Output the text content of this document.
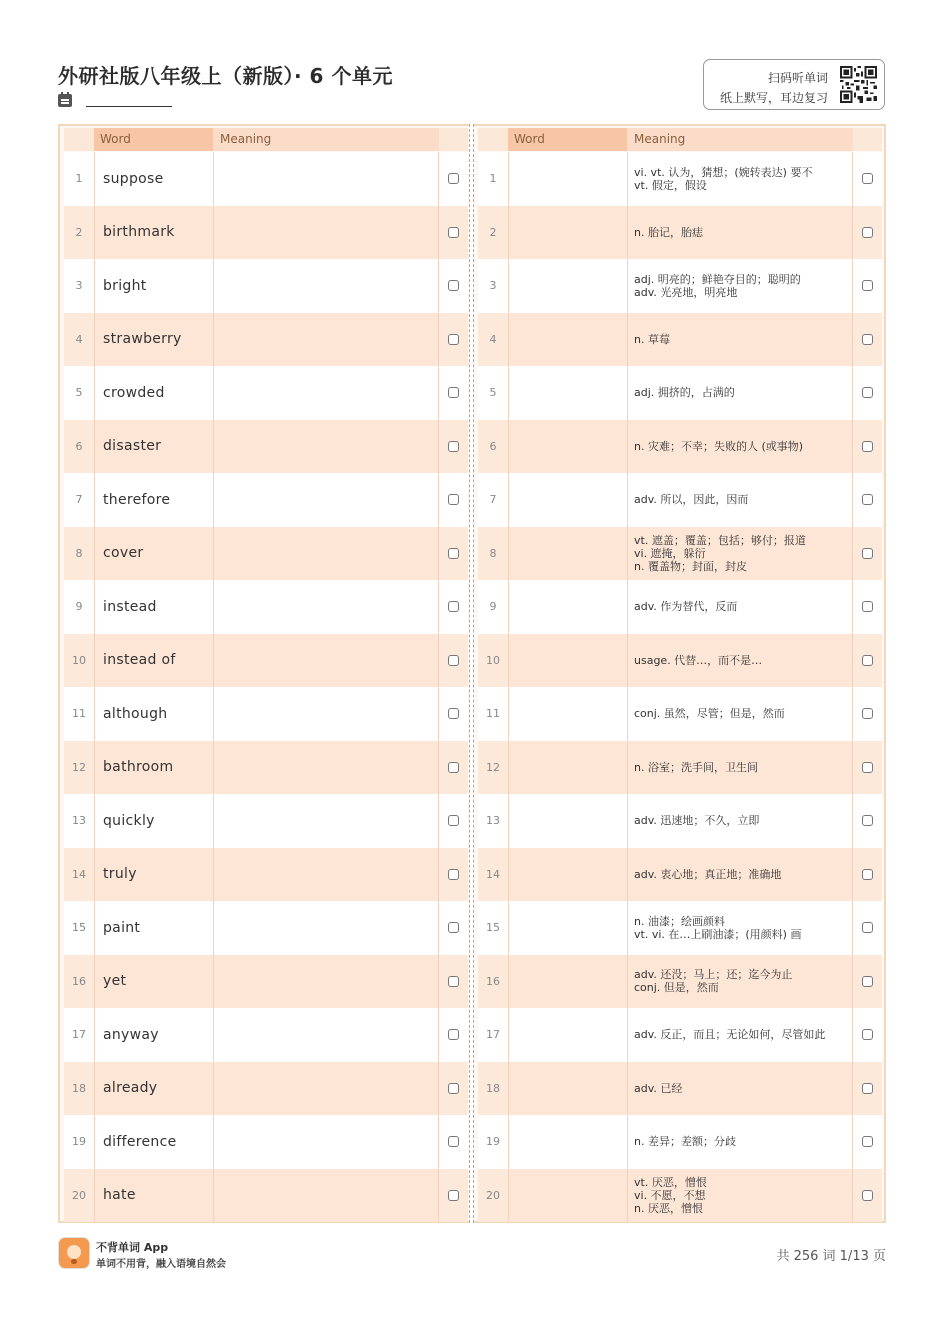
外研社版八年级上（新版）· 6 个单元	扫码听单词
纸上默写，耳边复习
Word	Meaning
1	suppose
2	birthmark
3	bright
4	strawberry
5	crowded
6	disaster
7	therefore
8	cover
9	instead
10	instead of
11	although
12	bathroom
13	quickly
14	truly
15	paint
16	yet
17	anyway
18	already
19	difference
20	hate
Word	Meaning
1	vi. vt. 认为，猜想；(婉转表达) 要不
vt. 假定，假设
2	n. 胎记，胎痣
3	adj. 明亮的；鲜艳夺目的；聪明的
adv. 光亮地，明亮地
4	n. 草莓
5	adj. 拥挤的，占满的
6	n. 灾难；不幸；失败的人 (或事物)
7	adv. 所以，因此，因而
8
vt. 遮盖；覆盖；包括；够付；报道
vi. 遮掩，躲衍
n. 覆盖物；封面，封皮
9	adv. 作为替代，反而
10	usage. 代替…，而不是…
11	conj. 虽然，尽管；但是，然而
12	n. 浴室；洗手间，卫生间
13	adv. 迅速地；不久，立即
14	adv. 衷心地；真正地；准确地
15	n. 油漆；绘画颜料
vt. vi. 在…上刷油漆；(用颜料) 画
16	adv. 还没；马上；还；迄今为止
conj. 但是，然而
17	adv. 反正，而且；无论如何，尽管如此
18	adv. 已经
19	n. 差异；差额；分歧
20
vt. 厌恶，憎恨
vi. 不愿，不想
n. 厌恶，憎恨
不背单词 App
单词不用背，融入语境自然会
共 256 词 1/13 页
